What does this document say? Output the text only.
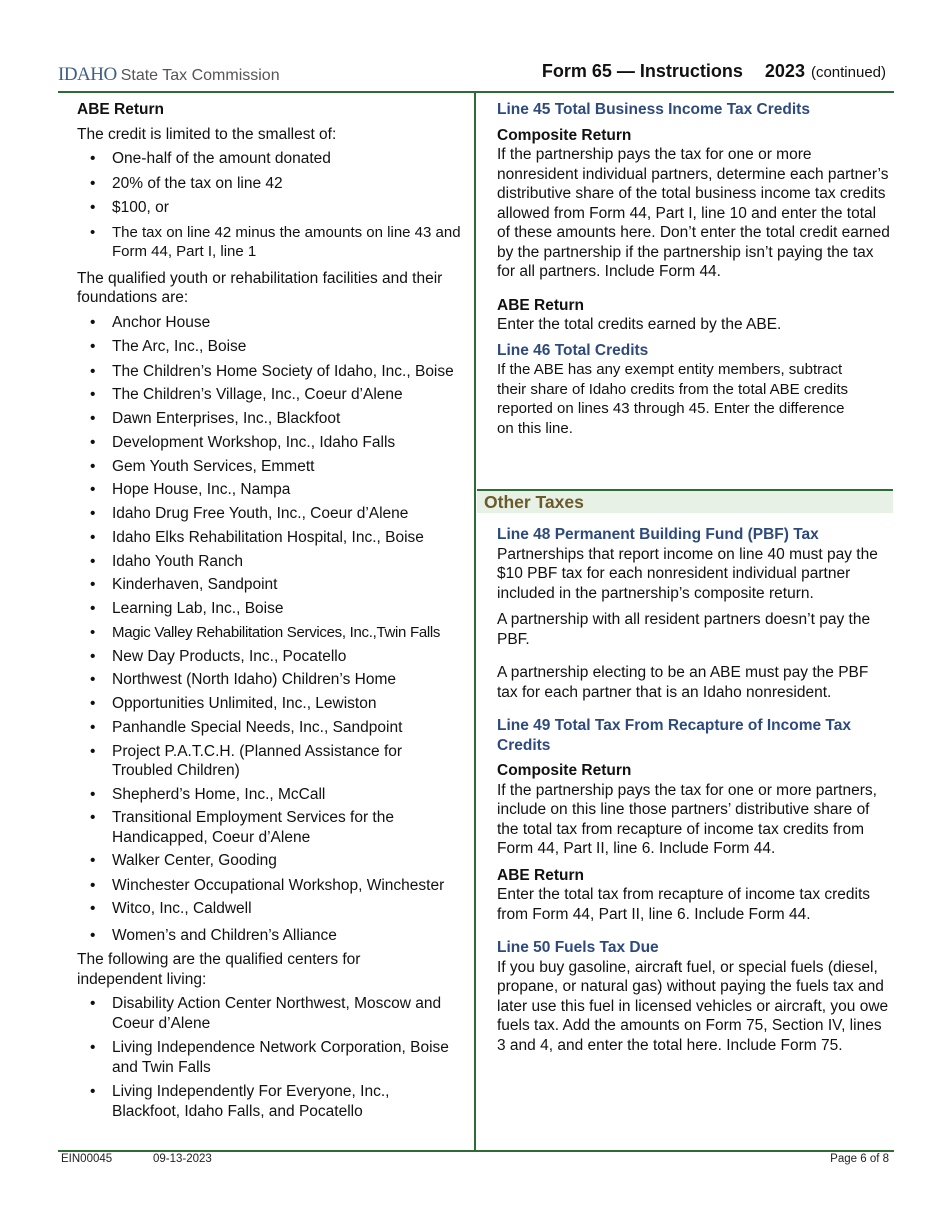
IDAHO State Tax Commission	Form 65 — Instructions 2023 (continued)
ABE Return

The credit is limited to the smallest of:

• One-half of the amount donated
• 20% of the tax on line 42
• $100, or
• The tax on line 42 minus the amounts on line 43 and Form 44, Part I, line 1

The qualified youth or rehabilitation facilities and their foundations are:

• Anchor House
• The Arc, Inc., Boise
• The Children’s Home Society of Idaho, Inc., Boise
• The Children’s Village, Inc., Coeur d’Alene
• Dawn Enterprises, Inc., Blackfoot
• Development Workshop, Inc., Idaho Falls
• Gem Youth Services, Emmett
• Hope House, Inc., Nampa
• Idaho Drug Free Youth, Inc., Coeur d’Alene
• Idaho Elks Rehabilitation Hospital, Inc., Boise
• Idaho Youth Ranch
• Kinderhaven, Sandpoint
• Learning Lab, Inc., Boise
• Magic Valley Rehabilitation Services, Inc.,Twin Falls
• New Day Products, Inc., Pocatello
• Northwest (North Idaho) Children’s Home
• Opportunities Unlimited, Inc., Lewiston
• Panhandle Special Needs, Inc., Sandpoint
• Project P.A.T.C.H. (Planned Assistance for Troubled Children)
• Shepherd’s Home, Inc., McCall
• Transitional Employment Services for the Handicapped, Coeur d’Alene
• Walker Center, Gooding
• Winchester Occupational Workshop, Winchester
• Witco, Inc., Caldwell
• Women’s and Children’s Alliance

The following are the qualified centers for independent living:

• Disability Action Center Northwest, Moscow and Coeur d’Alene
• Living Independence Network Corporation, Boise and Twin Falls
• Living Independently For Everyone, Inc., Blackfoot, Idaho Falls, and Pocatello
Line 45 Total Business Income Tax Credits
Composite Return

If the partnership pays the tax for one or more nonresident individual partners, determine each partner’s distributive share of the total business income tax credits allowed from Form 44, Part I, line 10 and enter the total of these amounts here. Don’t enter the total credit earned by the partnership if the partnership isn’t paying the tax for all partners. Include Form 44.

ABE Return

Enter the total credits earned by the ABE.

Line 46 Total Credits

If the ABE has any exempt entity members, subtract their share of Idaho credits from the total ABE credits reported on lines 43 through 45. Enter the difference on this line.

Other Taxes
Line 48 Permanent Building Fund (PBF) Tax

Partnerships that report income on line 40 must pay the $10 PBF tax for each nonresident individual partner included in the partnership’s composite return.

A partnership with all resident partners doesn’t pay the PBF.

A partnership electing to be an ABE must pay the PBF tax for each partner that is an Idaho nonresident.

Line 49 Total Tax From Recapture of Income Tax Credits
Composite Return

If the partnership pays the tax for one or more partners, include on this line those partners’ distributive share of the total tax from recapture of income tax credits from Form 44, Part II, line 6. Include Form 44.

ABE Return

Enter the total tax from recapture of income tax credits from Form 44, Part II, line 6. Include Form 44.

Line 50 Fuels Tax Due

If you buy gasoline, aircraft fuel, or special fuels (diesel, propane, or natural gas) without paying the fuels tax and later use this fuel in licensed vehicles or aircraft, you owe fuels tax. Add the amounts on Form 75, Section IV, lines 3 and 4, and enter the total here. Include Form 75.

EIN00045	09-13-2023	Page 6 of 8
